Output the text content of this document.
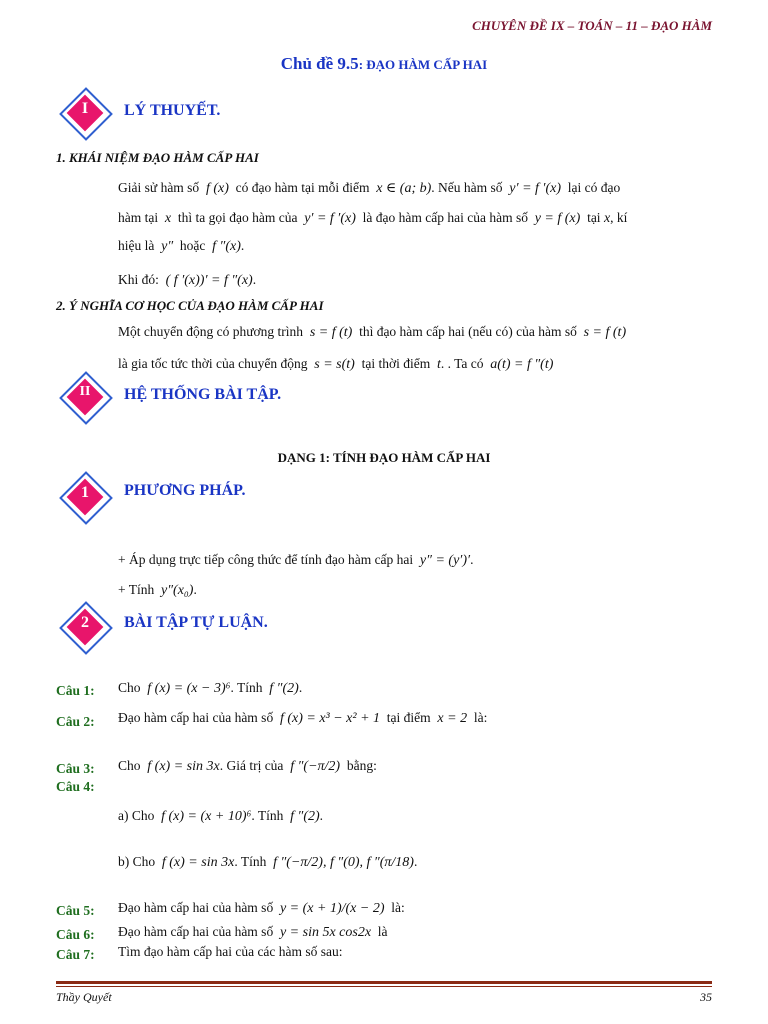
CHUYÊN ĐỀ IX – TOÁN – 11 – ĐẠO HÀM
Chủ đề 9.5: ĐẠO HÀM CẤP HAI
I	LÝ THUYẾT.
1. KHÁI NIỆM ĐẠO HÀM CẤP HAI
Giải sử hàm số f (x) có đạo hàm tại mỗi điểm x ∈ (a; b). Nếu hàm số y′ = f ′(x) lại có đạo
hàm tại x thì ta gọi đạo hàm của y′ = f ′(x) là đạo hàm cấp hai của hàm số y = f (x) tại x, kí
hiệu là y″ hoặc f ″(x).
Khi đó: ( f ′(x))′ = f ″(x).
2. Ý NGHĨA CƠ HỌC CỦA ĐẠO HÀM CẤP HAI
Một chuyển động có phương trình s = f (t) thì đạo hàm cấp hai (nếu có) của hàm số s = f (t)
là gia tốc tức thời của chuyển động s = s(t) tại thời điểm t. . Ta có a(t) = f ″(t)
II	HỆ THỐNG BÀI TẬP.
DẠNG 1: TÍNH ĐẠO HÀM CẤP HAI
1	PHƯƠNG PHÁP.
+ Áp dụng trực tiếp công thức để tính đạo hàm cấp hai y″ = (y′)′.
+ Tính y″(x₀).
2	BÀI TẬP TỰ LUẬN.
Câu 1: Cho f (x) = (x − 3)⁶. Tính f ″(2).
Câu 2: Đạo hàm cấp hai của hàm số f (x) = x³ − x² + 1 tại điểm x = 2 là:
Câu 3: Cho f (x) = sin 3x. Giá trị của f ″(−π/2) bằng:
Câu 4:
a) Cho f (x) = (x + 10)⁶. Tính f ″(2).
b) Cho f (x) = sin 3x. Tính f ″(−π/2), f ″(0), f ″(π/18).
Câu 5: Đạo hàm cấp hai của hàm số y = (x + 1)/(x − 2) là:
Câu 6: Đạo hàm cấp hai của hàm số y = sin 5x cos2x là
Câu 7: Tìm đạo hàm cấp hai của các hàm số sau:
Thầy Quyết	35
